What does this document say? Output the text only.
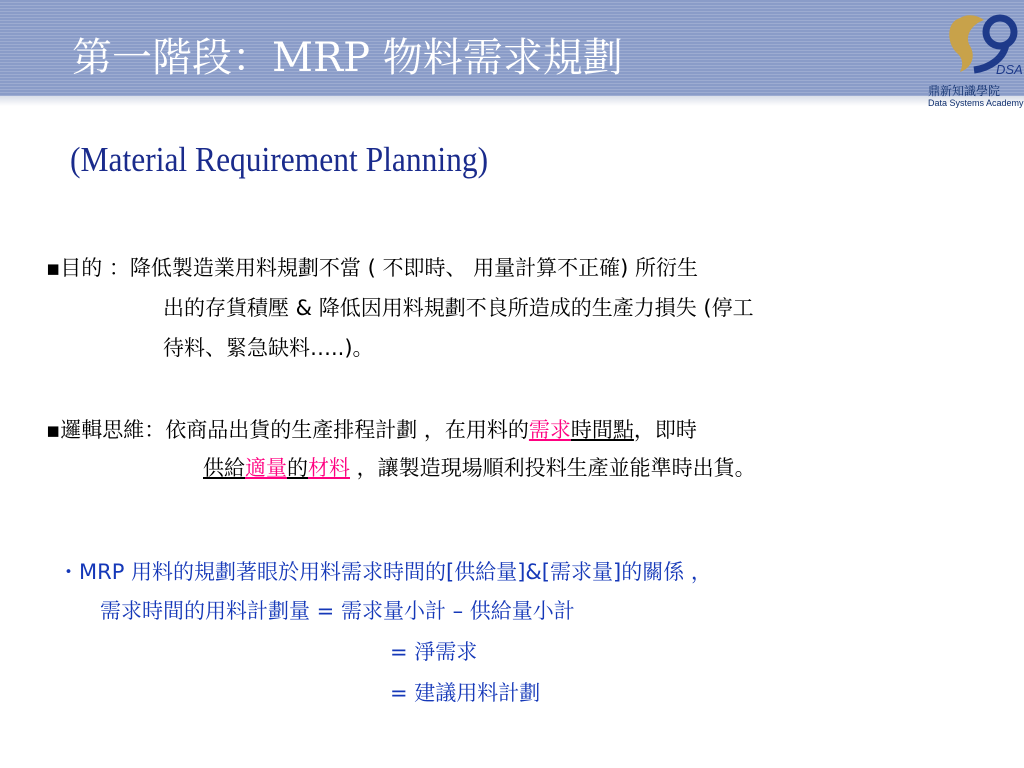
第一階段：MRP 物料需求規劃	DSA
鼎新知識學院
Data Systems Academy
(Material Requirement Planning)
▪目的 ：降低製造業用料規劃不當 ( 不即時、 用量計算不正確) 所衍生
出的存貨積壓 & 降低因用料規劃不良所造成的生產力損失 (停工
待料、緊急缺料…..)。
▪邏輯思維：依商品出貨的生產排程計劃 ，在用料的需求時間點，即時
供給適量的材料 ，讓製造現場順利投料生產並能準時出貨。
・MRP 用料的規劃著眼於用料需求時間的[供給量]&[需求量]的關係 ，
需求時間的用料計劃量 = 需求量小計 – 供給量小計
= 淨需求
= 建議用料計劃
